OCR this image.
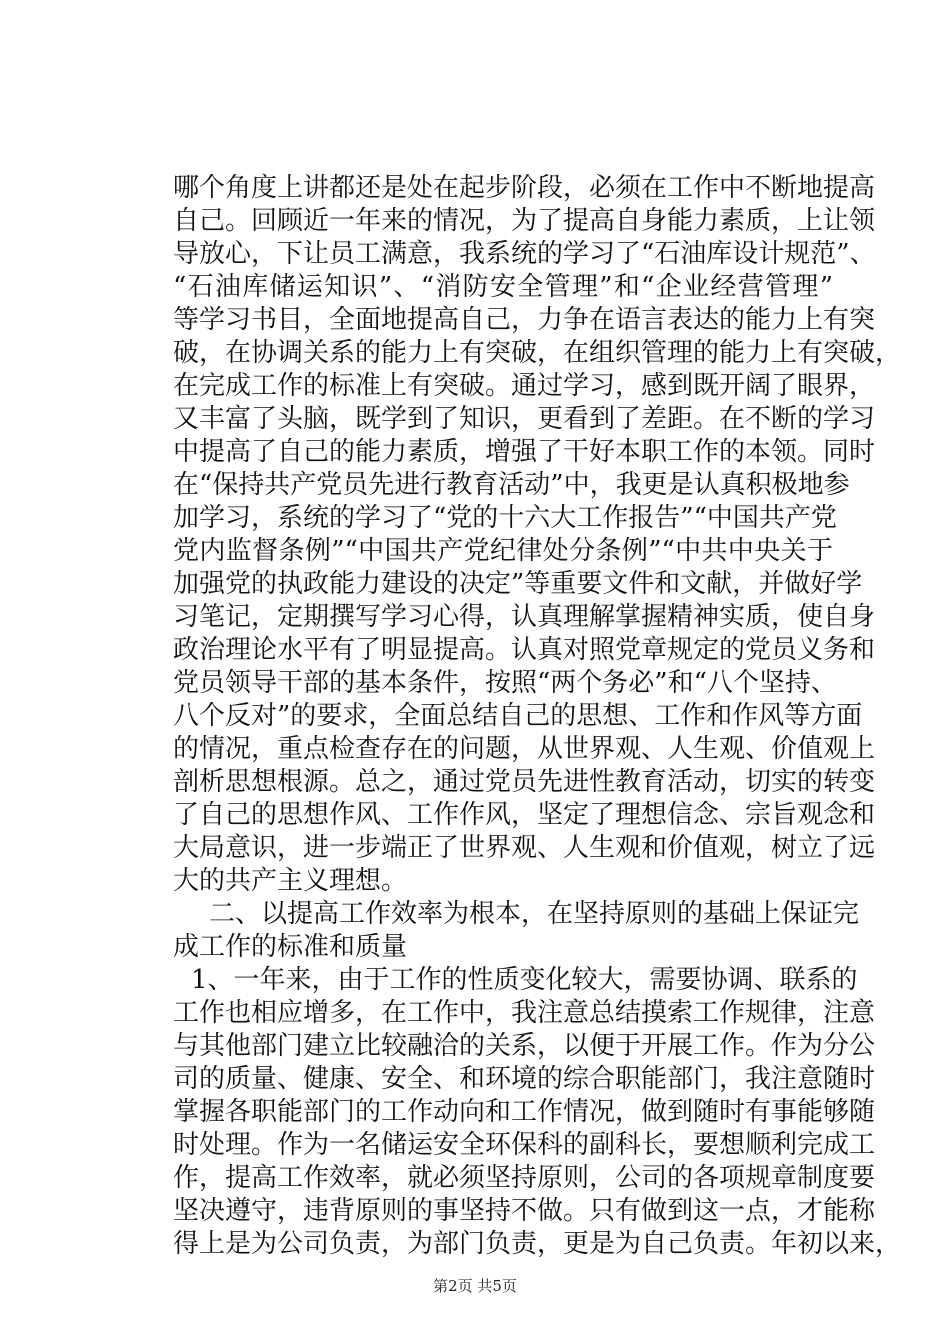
哪个角度上讲都还是处在起步阶段，必须在工作中不断地提高
自己。回顾近一年来的情况，为了提高自身能力素质，上让领
导放心，下让员工满意，我系统的学习了“石油库设计规范”、
“石油库储运知识”、“消防安全管理”和“企业经营管理”
等学习书目，全面地提高自己，力争在语言表达的能力上有突
破，在协调关系的能力上有突破，在组织管理的能力上有突破，
在完成工作的标准上有突破。通过学习，感到既开阔了眼界，
又丰富了头脑，既学到了知识，更看到了差距。在不断的学习
中提高了自己的能力素质，增强了干好本职工作的本领。同时
在“保持共产党员先进行教育活动”中，我更是认真积极地参
加学习，系统的学习了“党的十六大工作报告”“中国共产党
党内监督条例”“中国共产党纪律处分条例”“中共中央关于
加强党的执政能力建设的决定”等重要文件和文献，并做好学
习笔记，定期撰写学习心得，认真理解掌握精神实质，使自身
政治理论水平有了明显提高。认真对照党章规定的党员义务和
党员领导干部的基本条件，按照“两个务必”和“八个坚持、
八个反对”的要求，全面总结自己的思想、工作和作风等方面
的情况，重点检查存在的问题，从世界观、人生观、价值观上
剖析思想根源。总之，通过党员先进性教育活动，切实的转变
了自己的思想作风、工作作风，坚定了理想信念、宗旨观念和
大局意识，进一步端正了世界观、人生观和价值观，树立了远
大的共产主义理想。
二、以提高工作效率为根本，在坚持原则的基础上保证完
成工作的标准和质量
1、一年来，由于工作的性质变化较大，需要协调、联系的
工作也相应增多，在工作中，我注意总结摸索工作规律，注意
与其他部门建立比较融洽的关系，以便于开展工作。作为分公
司的质量、健康、安全、和环境的综合职能部门，我注意随时
掌握各职能部门的工作动向和工作情况，做到随时有事能够随
时处理。作为一名储运安全环保科的副科长，要想顺利完成工
作，提高工作效率，就必须坚持原则，公司的各项规章制度要
坚决遵守，违背原则的事坚持不做。只有做到这一点，才能称
得上是为公司负责，为部门负责，更是为自己负责。年初以来，
第2页 共5页
